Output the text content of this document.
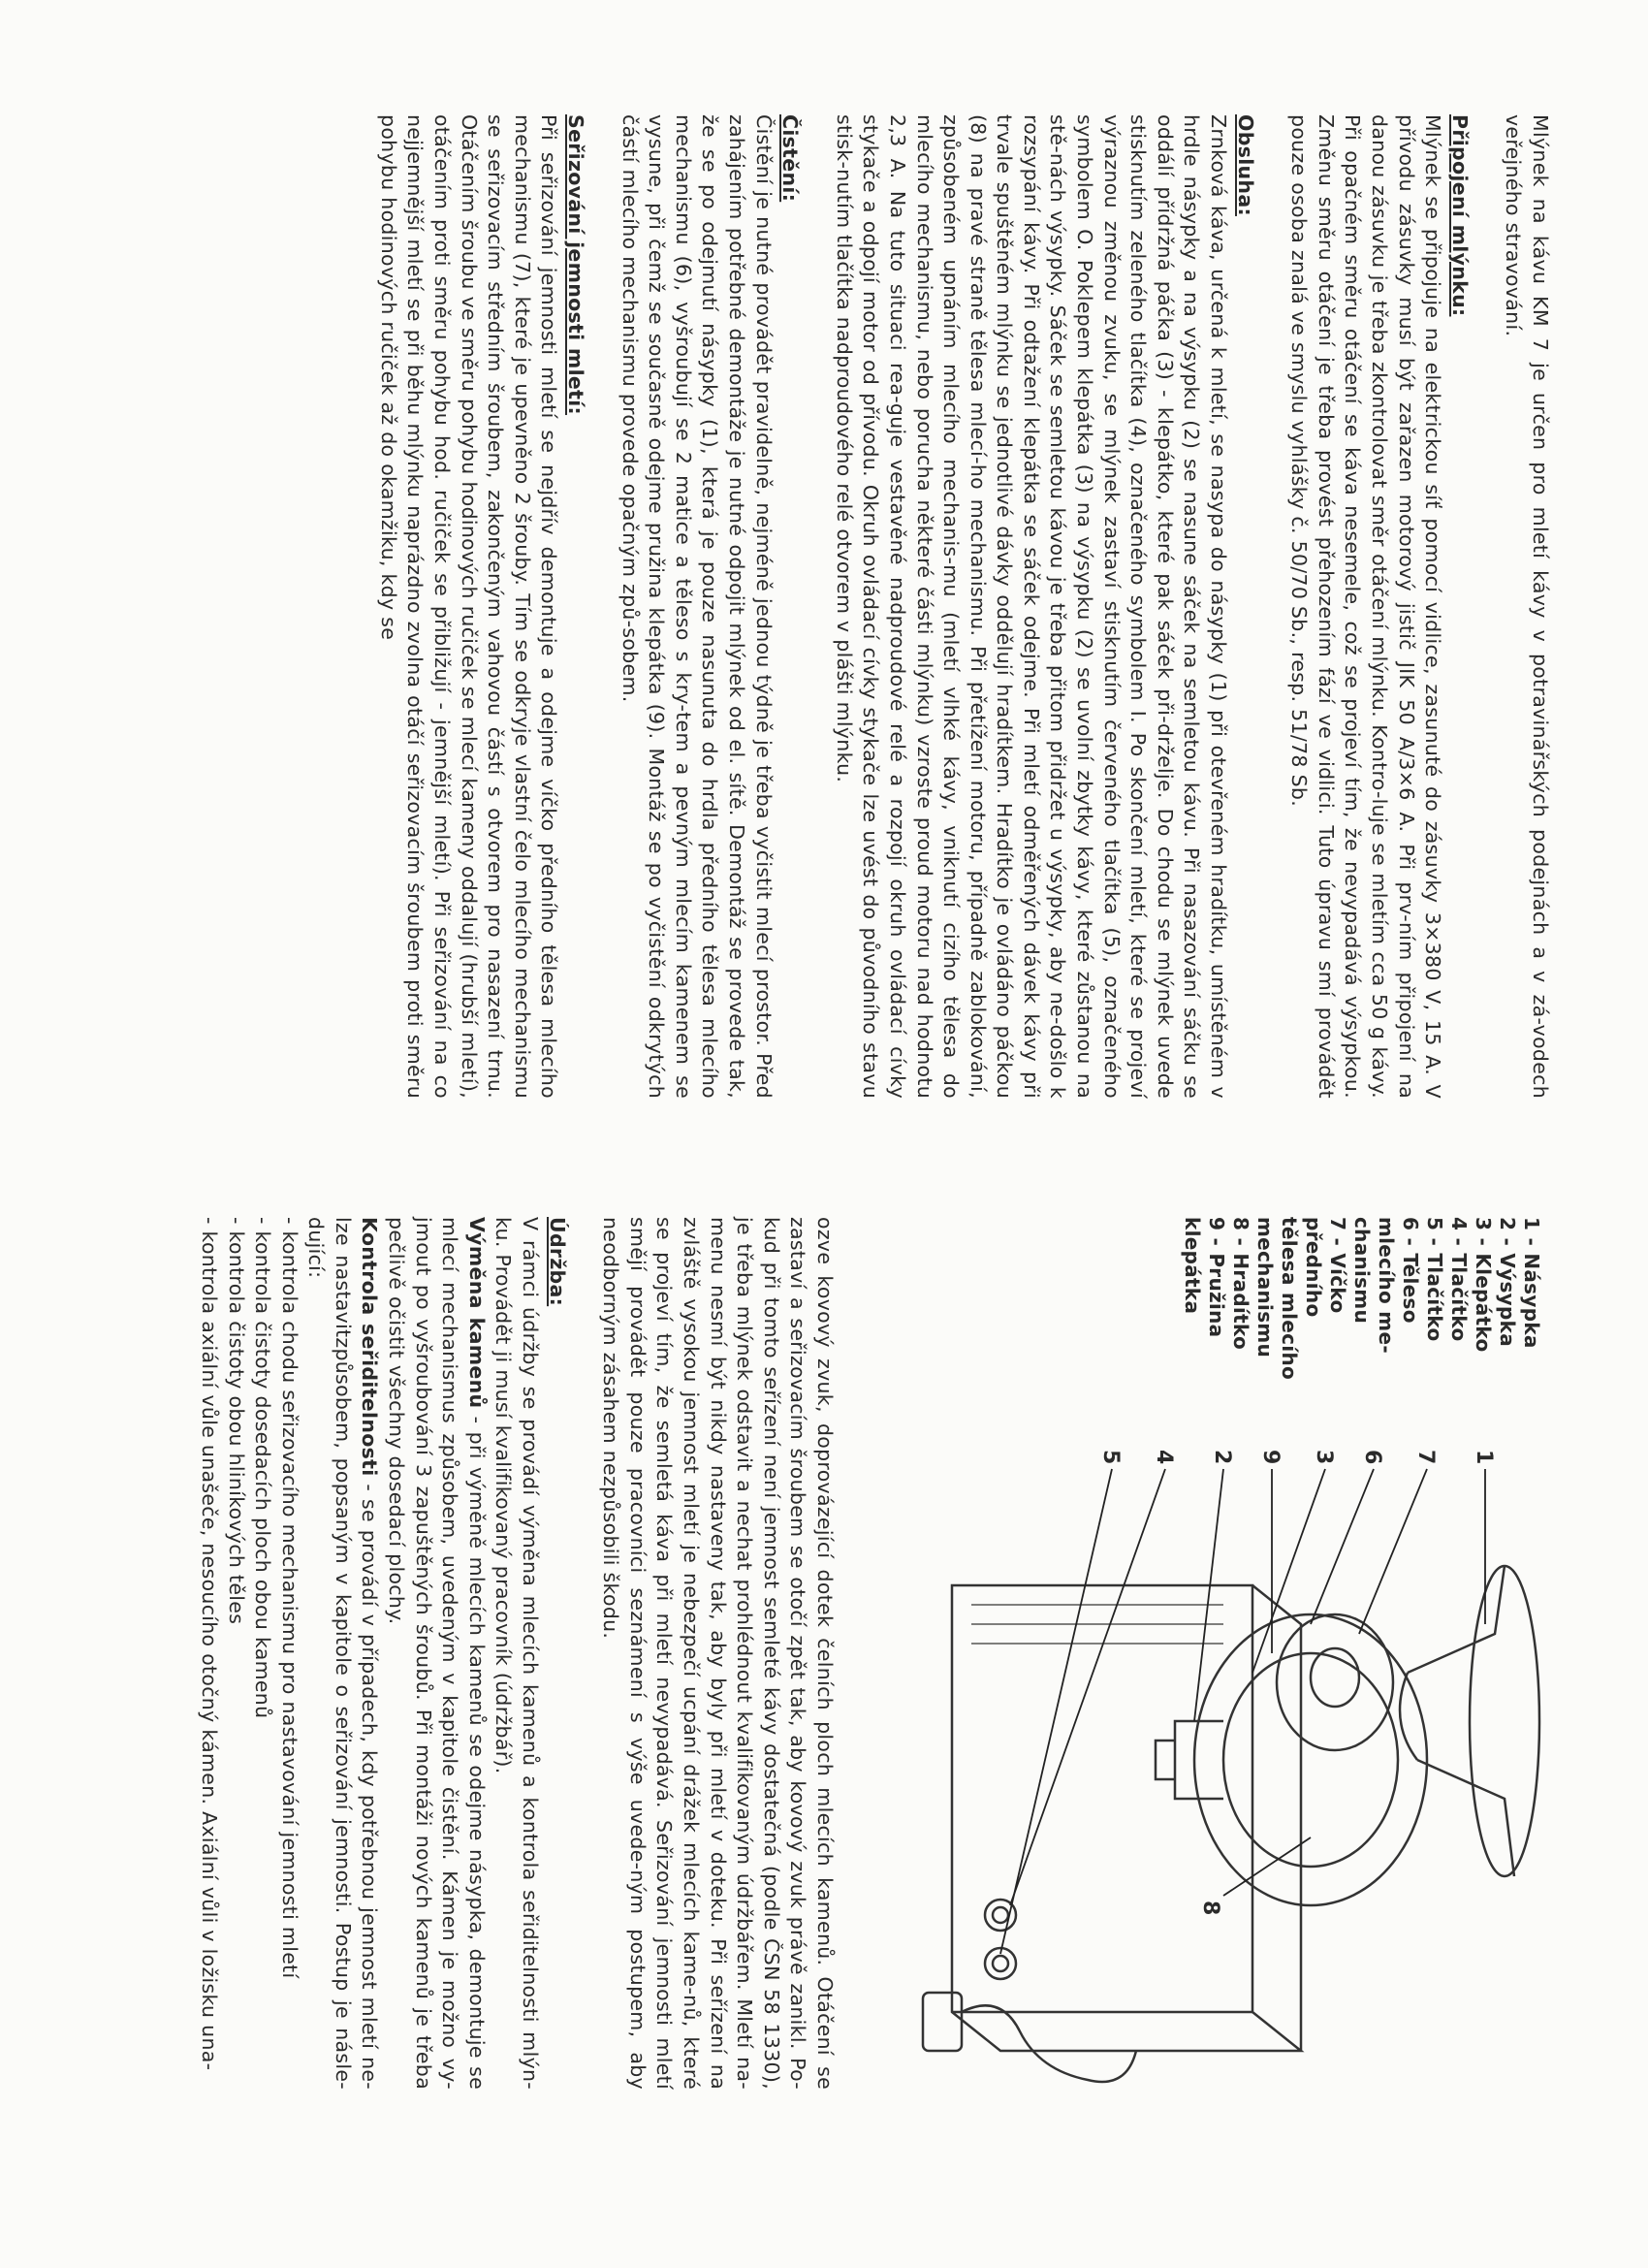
Mlýnek na kávu KM 7 je určen pro mletí kávy v potravinářských podejnách a v zá-vodech veřejného stravování.

Připojení mlýnku:

Mlýnek se připojuje na elektrickou síť pomocí vidlice, zasunuté do zásuvky 3×380 V, 15 A. V přívodu zásuvky musí být zařazen motorový jistič JIK 50 A/3×6 A. Při prv-ním připojení na danou zásuvku je třeba zkontrolovat směr otáčení mlýnku. Kontro-luje se mletím cca 50 g kávy. Při opačném směru otáčení se káva nesemele, což se projeví tím, že nevypadává výsypkou. Změnu směru otáčení je třeba provést přehozením fází ve vidlici. Tuto úpravu smí provádět pouze osoba znalá ve smyslu vyhlášky č. 50/70 Sb., resp. 51/78 Sb.

Obsluha:

Zrnková káva, určená k mletí, se nasypa do násypky (1) při otevřeném hradítku, umístěném v hrdle násypky a na výsypku (2) se nasune sáček na semletou kávu. Při nasazování sáčku se oddálí přídržná páčka (3) - klepátko, které pak sáček při-drželje. Do chodu se mlýnek uvede stisknutím zeleného tlačítka (4), označeného symbolem I. Po skončení mletí, které se projeví výraznou změnou zvuku, se mlýnek zastaví stisknutím červeného tlačítka (5), označeného symbolem O. Poklepem klepátka (3) na výsypku (2) se uvolní zbytky kávy, které zůstanou na stě-nách výsypky. Sáček se semletou kávou je třeba přitom přidržet u výsypky, aby ne-došlo k rozsypání kávy. Při odtažení klepátka se sáček odejme. Při mletí odměřených dávek kávy při trvale spuštěném mlýnku se jednotlivé dávky oddělují hradítkem. Hradítko je ovládáno páčkou (8) na pravé straně tělesa mlecí-ho mechanismu. Při přetížení motoru, případně zablokování, způsobeném upnáním mlecího mechanis-mu (mletí vlhké kávy, vniknutí cizího tělesa do mlecího mechanismu, nebo porucha některé části mlýnku) vzroste proud motoru nad hodnotu 2,3 A. Na tuto situaci rea-guje vestavěné nadproudové relé a rozpojí okruh ovládací cívky stykače a odpojí motor od přívodu. Okruh ovládací cívky stykače lze uvést do původního stavu stisk-nutím tlačítka nadproudového relé otvorem v plášti mlýnku.

Čistění:

Čistění je nutné provádět pravidelně, nejméně jednou týdně je třeba vyčistit mlecí prostor. Před zahájením potřebné demontáže je nutné odpojit mlýnek od el. sítě. Demontáž se provede tak, že se po odejmutí násypky (1), která je pouze nasunuta do hrdla předního tělesa mlecího mechanismu (6), vyšroubují se 2 matice a těleso s kry-tem a pevným mlecím kamenem se vysune, při čemž se současně odejme pružina klepátka (9). Montáž se po vyčistění odkrytých částí mlecího mechanismu provede opačným způ-sobem.

Seřizování jemnosti mletí:

Při seřizování jemnosti mletí se nejdřív demontuje a odejme víčko předního tělesa mlecího mechanismu (7), které je upevněno 2 šrouby. Tím se odkryje vlastní čelo mlecího mechanismu se seřizovacím středním šroubem, zakončeným vahovou částí s otvorem pro nasazení trnu. Otáčením šroubu ve směru pohybu hodinových ručiček se mlecí kameny oddalují (hrubší mletí), otáčením proti směru pohybu hod. ručiček se přibližují - jemnější mletí). Při seřizování na co nejjemnější mletí se při běhu mlýnku naprázdno zvolna otáčí seřizovacím šroubem proti směru pohybu hodinových ručiček až do okamžiku, kdy se

1 - Násypka
2 - Výsypka
3 - Klepátko
4 - Tlačítko
5 - Tlačítko
6 - Těleso mlecího me-chanismu
7 - Víčko předního tělesa mlecího mechanismu
8 - Hradítko
9 - Pružina klepátka
1
7
6
3
9
2
4
5
8

ozve kovový zvuk, doprovázející dotek čelních ploch mlecích kamenů. Otáčení se zastaví a seřizovacím šroubem se otočí zpět tak, aby kovový zvuk právě zanikl. Po-kud při tomto seřízení není jemnost semleté kávy dostatečná (podle ČSN 58 1330), je třeba mlýnek odstavit a nechat prohlédnout kvalifikovaným údržbářem. Mletí na-menu nesmí být nikdy nastaveny tak, aby byly při mletí v doteku. Při seřízení na zvláště vysokou jemnost mletí je nebezpečí ucpání drážek mlecích kame-nů, které se projeví tím, že semletá káva při mletí nevypadává. Seřizování jemnosti mletí smějí provádět pouze pracovníci seznámení s výše uvede-ným postupem, aby neodborným zásahem nezpůsobili škodu.

Údržba:

V rámci údržby se provádí výměna mlecích kamenů a kontrola seřiditelnosti mlýn-ku. Provádět ji musí kvalifikovaný pracovník (údržbář).

Výměna kamenů - při výměně mlecích kamenů se odejme násypka, demontuje se mlecí mechanismus způsobem, uvedeným v kapitole čistění. Kámen je možno vy-jmout po vyšroubování 3 zapuštěných šroubů. Při montáži nových kamenů je třeba pečlivě očistit všechny dosedací plochy.

Kontrola seřiditelnosti - se provádí v případech, kdy potřebnou jemnost mletí ne-lze nastavitzpůsobem, popsaným v kapitole o seřizování jemnosti. Postup je násle-dující:

- kontrola chodu seřizovacího mechanismu pro nastavování jemnosti mletí

- kontrola čistoty dosedacích ploch obou kamenů

- kontrola čistoty obou hliníkových těles

- kontrola axiální vůle unašeče, nesoucího otočný kámen. Axiální vůli v ložisku una-
